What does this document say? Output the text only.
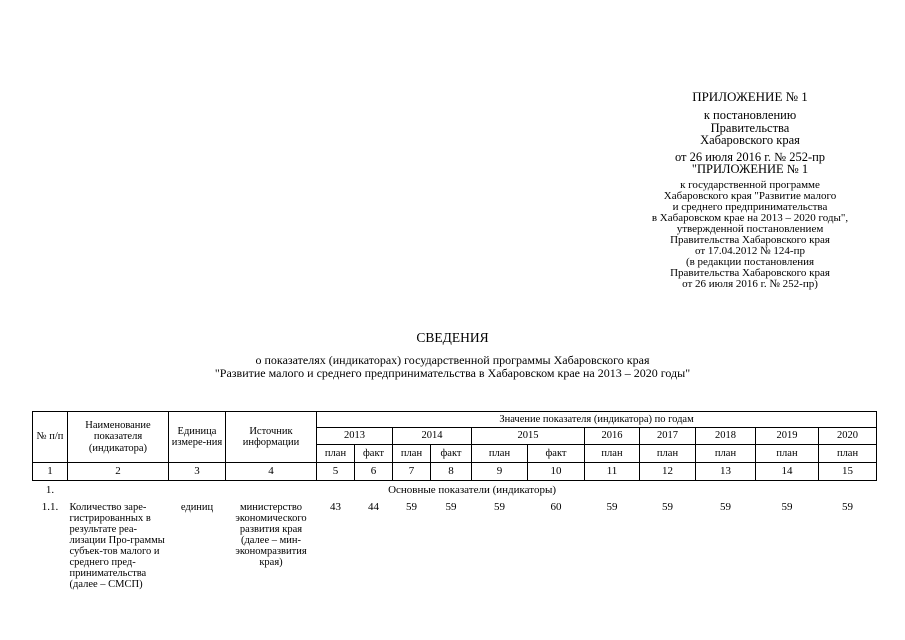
ПРИЛОЖЕНИЕ № 1
к постановлению
Правительства
Хабаровского края
от 26 июля 2016 г. № 252-пр
"ПРИЛОЖЕНИЕ № 1
к государственной программе
Хабаровского края "Развитие малого
и среднего предпринимательства
в Хабаровском крае на 2013 – 2020 годы",
утвержденной постановлением
Правительства Хабаровского края
от 17.04.2012 № 124-пр
(в редакции постановления
Правительства Хабаровского края
от 26 июля 2016 г. № 252-пр)
СВЕДЕНИЯ
о показателях (индикаторах) государственной программы Хабаровского края
"Развитие малого и среднего предпринимательства в Хабаровском крае на 2013 – 2020 годы"
№ п/п	Наименование показателя (индикатора)	Единица измере-ния	Источник информации	Значение показателя (индикатора) по годам										
				2013		2014		2015		2016	2017	2018	2019	2020
				план	факт	план	факт	план	факт	план	план	план	план	план
1	2	3	4	5	6	7	8	9	10	11	12	13	14	15
1.	Основные показатели (индикаторы)													
1.1.	Количество заре-гистрированных в результате реа-лизации Про-граммы субъек-тов малого и среднего пред-принимательства (далее – СМСП)	единиц	министерство экономического развития края (далее – мин-экономразвития края)	43	44	59	59	59	60	59	59	59	59	59
